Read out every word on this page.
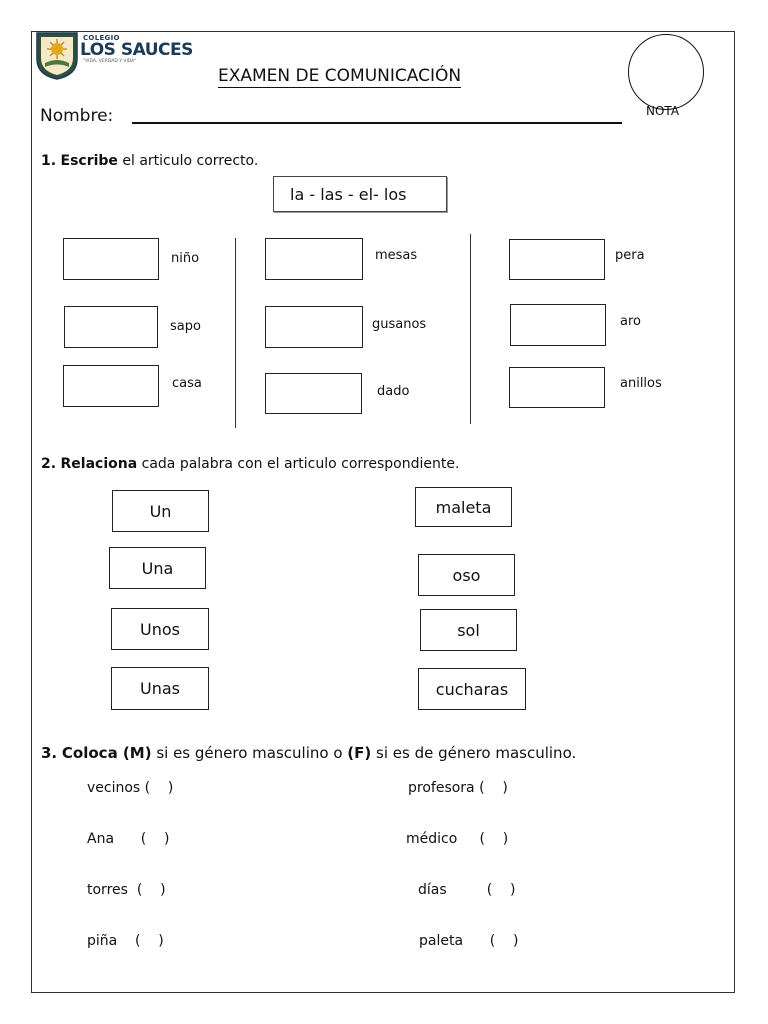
COLEGIO
LOS SAUCES
"VIDA, VERDAD Y VIDA"
EXAMEN DE COMUNICACIÓN
NOTA
Nombre:
1. Escribe el articulo correcto.
la - las - el- los
niño
sapo
casa
mesas
gusanos
dado
pera
aro
anillos
2. Relaciona cada palabra con el articulo correspondiente.
Un
Una
Unos
Unas
maleta
oso
sol
cucharas
3. Coloca (M) si es género masculino o (F) si es de género masculino.
vecinos (    )
Ana      (    )
torres  (    )
piña    (    )
profesora (    )
médico     (    )
días         (    )
paleta      (    )
